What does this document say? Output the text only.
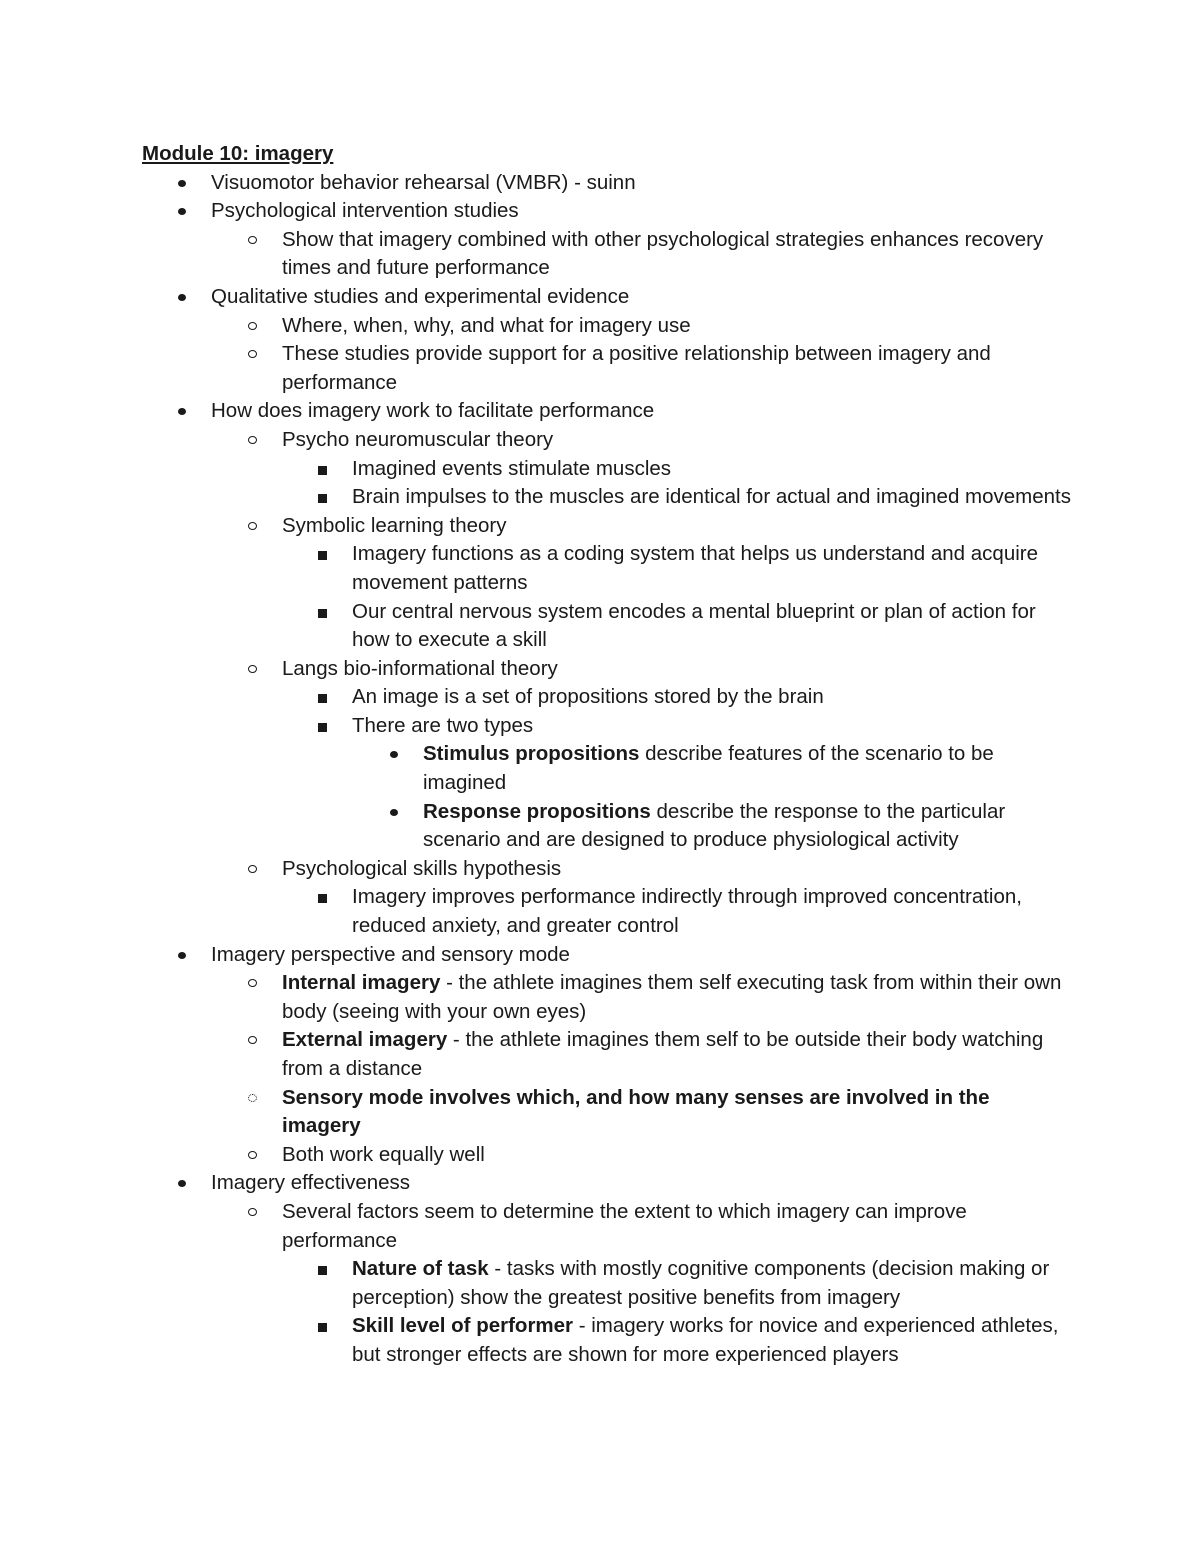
Module 10: imagery
Visuomotor behavior rehearsal (VMBR) - suinn
Psychological intervention studies
Show that imagery combined with other psychological strategies enhances recovery times and future performance
Qualitative studies and experimental evidence
Where, when, why, and what for imagery use
These studies provide support for a positive relationship between imagery and performance
How does imagery work to facilitate performance
Psycho neuromuscular theory
Imagined events stimulate muscles
Brain impulses to the muscles are identical for actual and imagined movements
Symbolic learning theory
Imagery functions as a coding system that helps us understand and acquire movement patterns
Our central nervous system encodes a mental blueprint or plan of action for how to execute a skill
Langs bio-informational theory
An image is a set of propositions stored by the brain
There are two types
Stimulus propositions describe features of the scenario to be imagined
Response propositions describe the response to the particular scenario and are designed to produce physiological activity
Psychological skills hypothesis
Imagery improves performance indirectly through improved concentration, reduced anxiety, and greater control
Imagery perspective and sensory mode
Internal imagery - the athlete imagines them self executing task from within their own body (seeing with your own eyes)
External imagery - the athlete imagines them self to be outside their body watching from a distance
Sensory mode involves which, and how many senses are involved in the imagery
Both work equally well
Imagery effectiveness
Several factors seem to determine the extent to which imagery can improve performance
Nature of task - tasks with mostly cognitive components (decision making or perception) show the greatest positive benefits from imagery
Skill level of performer - imagery works for novice and experienced athletes, but stronger effects are shown for more experienced players
